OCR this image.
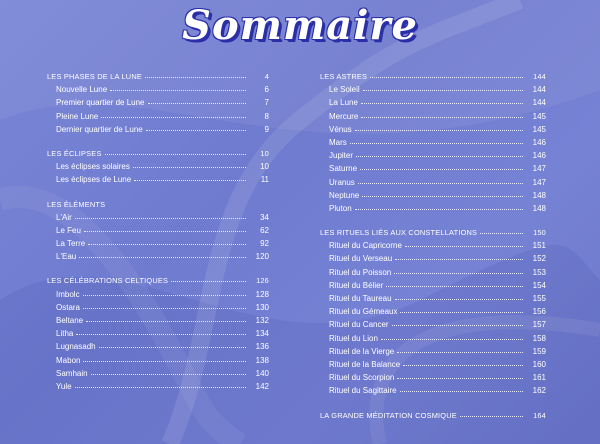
Sommaire
LES PHASES DE LA LUNE	4
Nouvelle Lune	6
Premier quartier de Lune	7
Pleine Lune	8
Dernier quartier de Lune	9
LES ÉCLIPSES	10
Les éclipses solaires	10
Les éclipses de Lune	11
LES ÉLÉMENTS
L'Air	34
Le Feu	62
La Terre	92
L'Eau	120
LES CÉLÉBRATIONS CELTIQUES	126
Imbolc	128
Ostara	130
Beltane	132
Litha	134
Lugnasadh	136
Mabon	138
Samhain	140
Yule	142
LES ASTRES	144
Le Soleil	144
La Lune	144
Mercure	145
Vénus	145
Mars	146
Jupiter	146
Saturne	147
Uranus	147
Neptune	148
Pluton	148
LES RITUELS LIÉS AUX CONSTELLATIONS	150
Rituel du Capricorne	151
Rituel du Verseau	152
Rituel du Poisson	153
Rituel du Bélier	154
Rituel du Taureau	155
Rituel du Gémeaux	156
Rituel du Cancer	157
Rituel du Lion	158
Rituel de la Vierge	159
Rituel de la Balance	160
Rituel du Scorpion	161
Rituel du Sagittaire	162
LA GRANDE MÉDITATION COSMIQUE	164
